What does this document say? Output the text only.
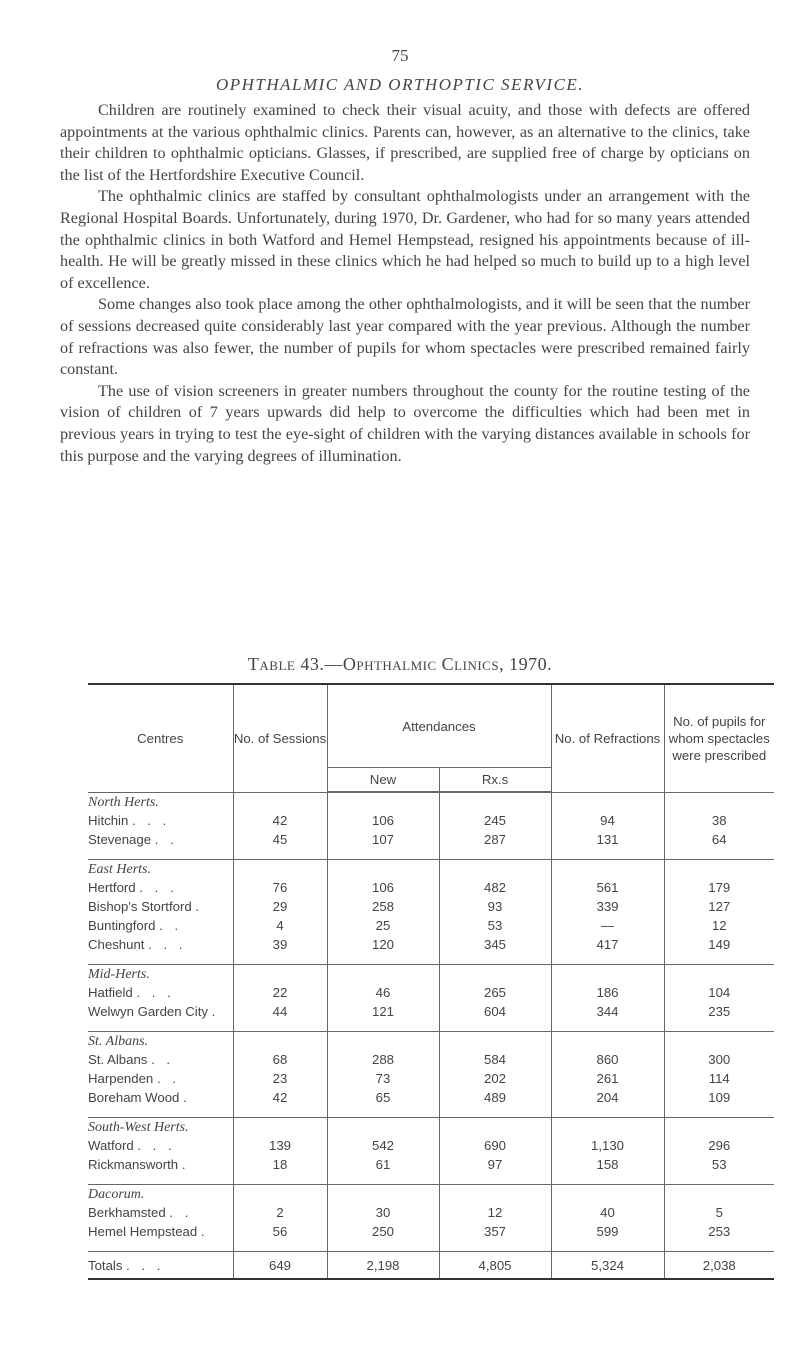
75
OPHTHALMIC AND ORTHOPTIC SERVICE.

Children are routinely examined to check their visual acuity, and those with defects are offered appointments at the various ophthalmic clinics. Parents can, however, as an alternative to the clinics, take their children to ophthalmic opticians. Glasses, if prescribed, are supplied free of charge by opticians on the list of the Hertfordshire Executive Council.

The ophthalmic clinics are staffed by consultant ophthalmologists under an arrangement with the Regional Hospital Boards. Unfortunately, during 1970, Dr. Gardener, who had for so many years attended the ophthalmic clinics in both Watford and Hemel Hempstead, resigned his appointments because of ill-health. He will be greatly missed in these clinics which he had helped so much to build up to a high level of excellence.

Some changes also took place among the other ophthalmologists, and it will be seen that the number of sessions decreased quite considerably last year compared with the year previous. Although the number of refractions was also fewer, the number of pupils for whom spectacles were prescribed remained fairly constant.

The use of vision screeners in greater numbers throughout the county for the routine testing of the vision of children of 7 years upwards did help to overcome the difficulties which had been met in previous years in trying to test the eye-sight of children with the varying distances available in schools for this purpose and the varying degrees of illumination.

Table 43.—Ophthalmic Clinics, 1970.
Centres	No. of Sessions	Attendances		No. of Refractions	No. of pupils for whom spectacles were prescribed
		New	Rx.s		

North Herts.					
Hitchin . . .	42	106	245	94	38
Stevenage . .	45	107	287	131	64
East Herts.					
Hertford . . .	76	106	482	561	179
Bishop's Stortford .	29	258	93	339	127
Buntingford . .	4	25	53	—	12
Cheshunt . . .	39	120	345	417	149
Mid-Herts.					
Hatfield . . .	22	46	265	186	104
Welwyn Garden City .	44	121	604	344	235
St. Albans.					
St. Albans . .	68	288	584	860	300
Harpenden . .	23	73	202	261	114
Boreham Wood .	42	65	489	204	109
South-West Herts.					
Watford . . .	139	542	690	1,130	296
Rickmansworth .	18	61	97	158	53
Dacorum.					
Berkhamsted . .	2	30	12	40	5
Hemel Hempstead .	56	250	357	599	253
Totals . . .	649	2,198	4,805	5,324	2,038
